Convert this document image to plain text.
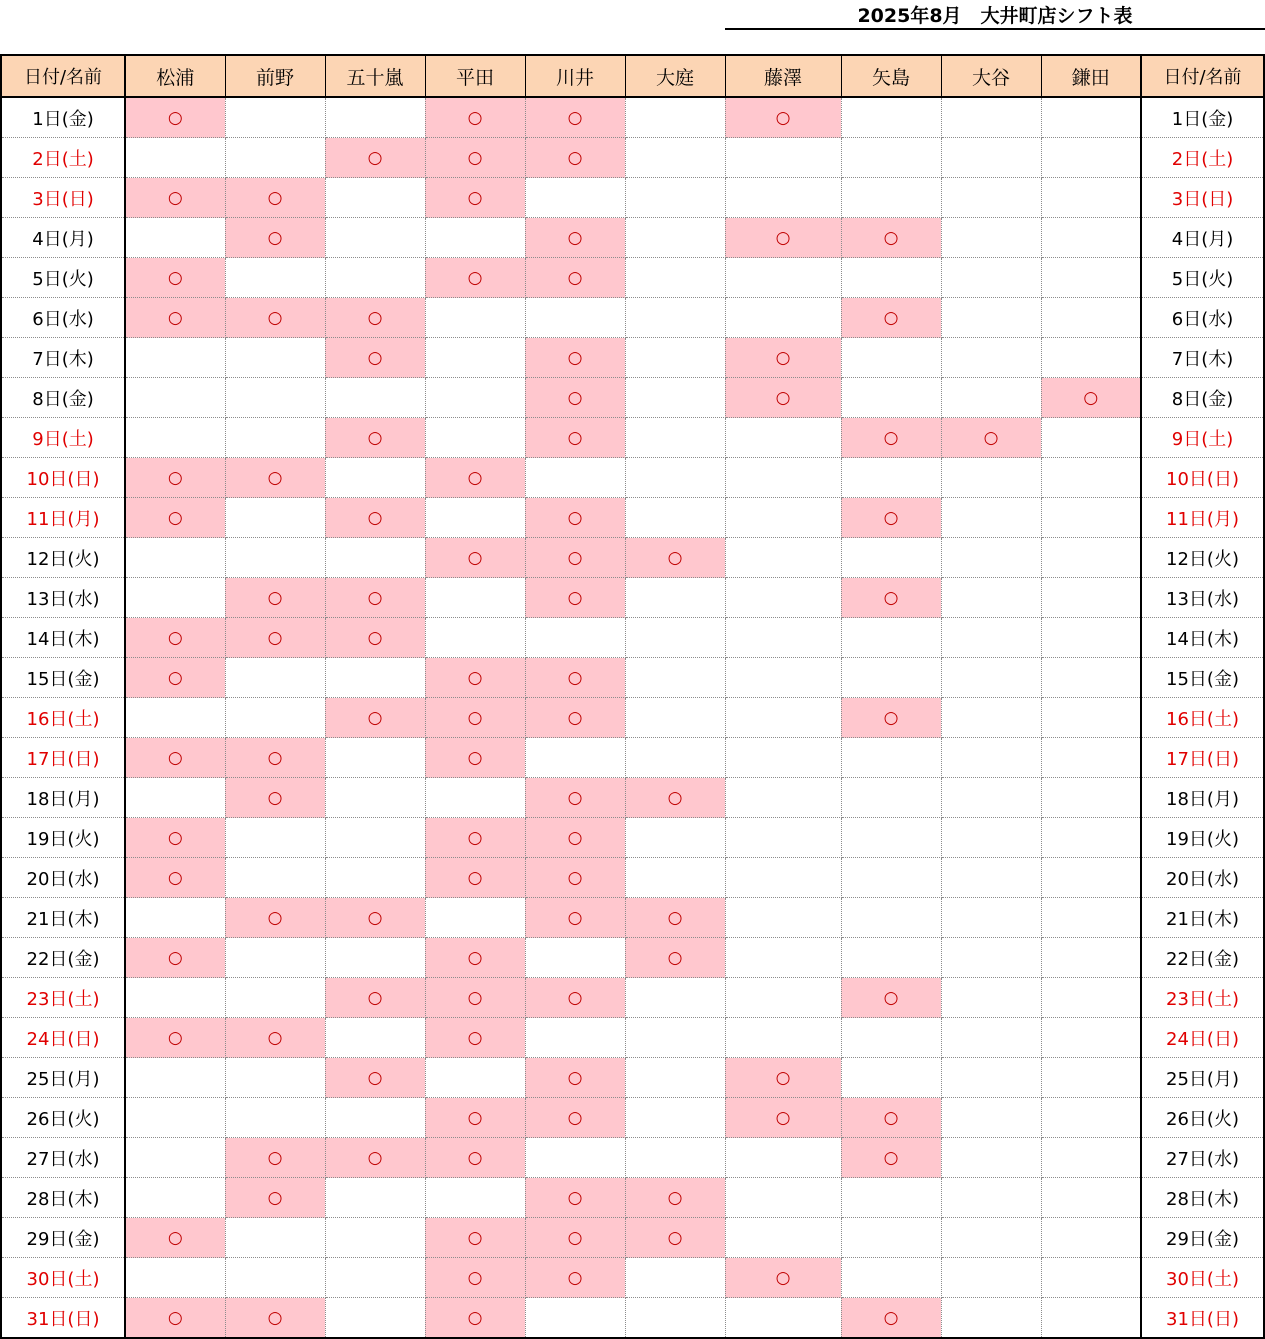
2025年8月　大井町店シフト表
日付/名前	松浦	前野	五十嵐	平田	川井	大庭	藤澤	矢島	大谷	鎌田	日付/名前
1日(金)	○			○	○		○				1日(金)
2日(土)			○	○	○						2日(土)
3日(日)	○	○		○							3日(日)
4日(月)		○			○		○	○			4日(月)
5日(火)	○			○	○						5日(火)
6日(水)	○	○	○					○			6日(水)
7日(木)			○		○		○				7日(木)
8日(金)					○		○			○	8日(金)
9日(土)			○		○			○	○		9日(土)
10日(日)	○	○		○							10日(日)
11日(月)	○		○		○			○			11日(月)
12日(火)				○	○	○					12日(火)
13日(水)		○	○		○			○			13日(水)
14日(木)	○	○	○								14日(木)
15日(金)	○			○	○						15日(金)
16日(土)			○	○	○			○			16日(土)
17日(日)	○	○		○							17日(日)
18日(月)		○			○	○					18日(月)
19日(火)	○			○	○						19日(火)
20日(水)	○			○	○						20日(水)
21日(木)		○	○		○	○					21日(木)
22日(金)	○			○		○					22日(金)
23日(土)			○	○	○			○			23日(土)
24日(日)	○	○		○							24日(日)
25日(月)			○		○		○				25日(月)
26日(火)				○	○		○	○			26日(火)
27日(水)		○	○	○				○			27日(水)
28日(木)		○			○	○					28日(木)
29日(金)	○			○	○	○					29日(金)
30日(土)				○	○		○				30日(土)
31日(日)	○	○		○				○			31日(日)
